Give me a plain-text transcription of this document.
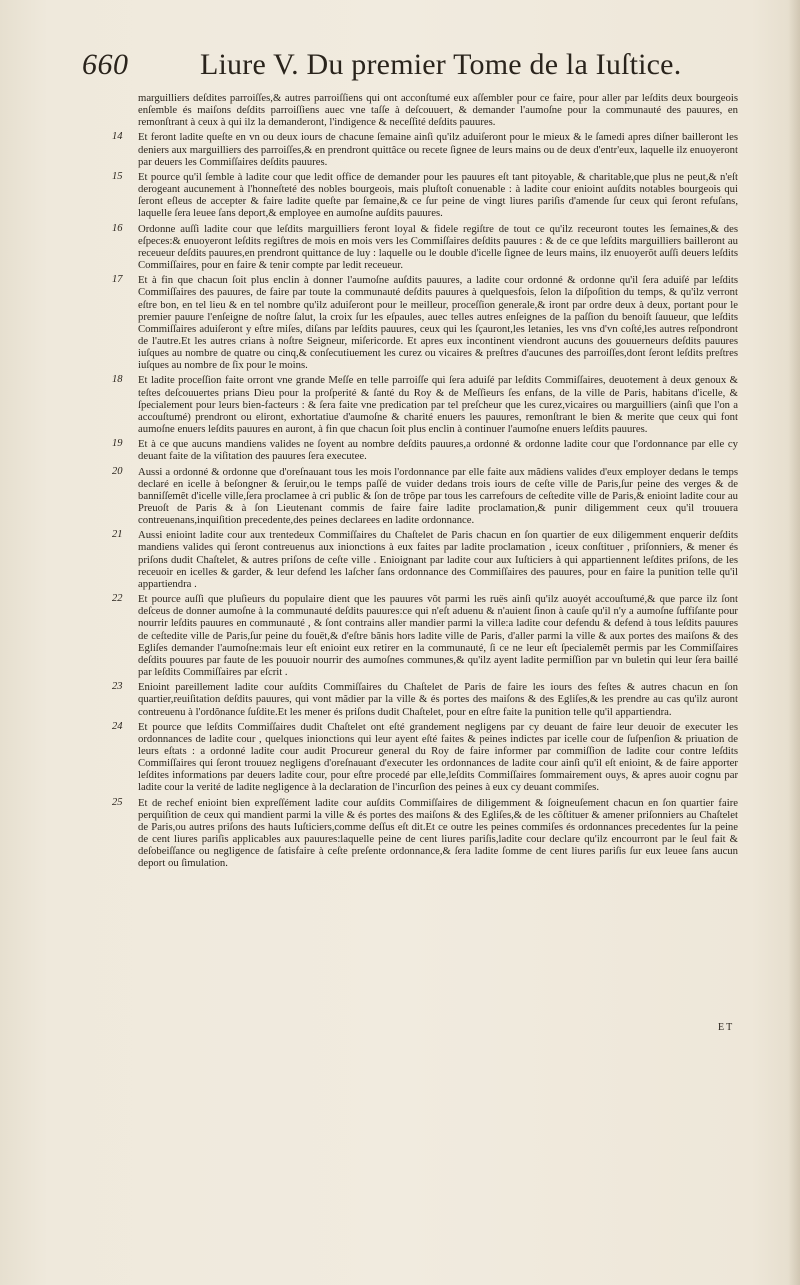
660 Liure V. Du premier Tome de la Iuſtice.
marguilliers deſdites parroiſſes,& autres parroiſſiens qui ont acconſtumé eux aſſembler pour ce faire, pour aller par leſdits deux bourgeois enſemble és maiſons deſdits parroiſſiens auec vne taſſe à deſcouuert, & demander l'aumoſne pour la communauté des pauures, en remonſtrant à ceux à qui ilz la demanderont, l'indigence & neceſſité deſdits pauures.
14 Et feront ladite queſte en vn ou deux iours de chacune ſemaine ainſi qu'ilz aduiſeront pour le mieux & le ſamedi apres diſner bailleront les deniers aux marguilliers des parroiſſes,& en prendront quittâce ou recete ſignee de leurs mains ou de deux d'entr'eux, laquelle ilz enuoyeront par deuers les Commiſſaires deſdits pauures.
15 Et pource qu'il ſemble à ladite cour que ledit office de demander pour les pauures eſt tant pitoyable, & charitable,que plus ne peut,& n'eſt derogeant aucunement à l'honneſteté des nobles bourgeois, mais pluſtoſt conuenable : à ladite cour enioint auſdits notables bourgeois qui ſeront eſleus de accepter & faire ladite queſte par ſemaine,& ce ſur peine de vingt liures pariſis d'amende ſur ceux qui ſeront refuſans, laquelle ſera leuee ſans deport,& employee en aumoſne auſdits pauures.
16 Ordonne auſſi ladite cour que leſdits marguilliers feront loyal & fidele regiſtre de tout ce qu'ilz receuront toutes les ſemaines,& des eſpeces:& enuoyeront leſdits regiſtres de mois en mois vers les Commiſſaires deſdits pauures : & de ce que leſdits marguilliers bailleront au receueur deſdits pauures,en prendront quittance de luy : laquelle ou le double d'icelle ſignee de leurs mains, ilz enuoyerõt auſſi deuers leſdits Commiſſaires, pour en faire & tenir compte par ledit receueur.
17 Et à fin que chacun ſoit plus enclin à donner l'aumoſne auſdits pauures, a ladite cour ordonné & ordonne qu'il ſera aduiſé par leſdits Commiſſaires des pauures, de faire par toute la communauté deſdits pauures à quelquesfois, ſelon la diſpoſition du temps, & qu'ilz verront eſtre bon, en tel lieu & en tel nombre qu'ilz aduiſeront pour le meilleur, proceſſion generale,& iront par ordre deux à deux, portant pour le premier pauure l'enſeigne de noſtre ſalut, la croix ſur les eſpaules, auec telles autres enſeignes de la paſſion du benoiſt ſauueur, que leſdits Commiſſaires aduiſeront y eſtre miſes, diſans par leſdits pauures, ceux qui les ſçauront,les letanies, les vns d'vn coſté,les autres reſpondront de l'autre.Et les autres crians à noſtre Seigneur, miſericorde. Et apres eux incontinent viendront aucuns des gouuerneurs deſdits pauures iuſques au nombre de quatre ou cinq,& conſecutiuement les curez ou vicaires & preſtres d'aucunes des parroiſſes,dont ſeront leſdits preſtres iuſques au nombre de ſix pour le moins.
18 Et ladite proceſſion faite orront vne grande Meſſe en telle parroiſſe qui ſera aduiſé par leſdits Commiſſaires, deuotement à deux genoux & teſtes deſcouuertes prians Dieu pour la proſperité & ſanté du Roy & de Meſſieurs ſes enfans, de la ville de Paris, habitans d'icelle, & ſpecialement pour leurs bien-facteurs : & ſera faite vne predication par tel preſcheur que les curez,vicaires ou marguilliers (ainſi que l'on a accouſtumé) prendront ou eliront, exhortatiue d'aumoſne & charité enuers les pauures, remonſtrant le bien & merite que ceux qui font aumoſne enuers leſdits pauures en auront, à fin que chacun ſoit plus enclin à continuer l'aumoſne enuers leſdits pauures.
19 Et à ce que aucuns mandiens valides ne ſoyent au nombre deſdits pauures,a ordonné & ordonne ladite cour que l'ordonnance par elle cy deuant faite de la viſitation des pauures ſera executee.
20 Aussi a ordonné & ordonne que d'oreſnauant tous les mois l'ordonnance par elle faite aux mãdiens valides d'eux employer dedans le temps declaré en icelle à beſongner & ſeruir,ou le temps paſſé de vuider dedans trois iours de ceſte ville de Paris,ſur peine des verges & de banniſſemẽt d'icelle ville,ſera proclamee à cri public & ſon de trõpe par tous les carrefours de ceſtedite ville de Paris,& enioint ladite cour au Preuoſt de Paris & à ſon Lieutenant commis de faire faire ladite proclamation,& punir diligemment ceux qu'il trouuera contreuenans,inquiſition precedente,des peines declarees en ladite ordonnance.
21 Aussi enioint ladite cour aux trentedeux Commiſſaires du Chaſtelet de Paris chacun en ſon quartier de eux diligemment enquerir deſdits mandiens valides qui ſeront contreuenus aux inionctions à eux faites par ladite proclamation , iceux conſtituer , priſonniers, & mener és priſons dudit Chaſtelet, & autres priſons de ceſte ville . Enioignant par ladite cour aux Iuſticiers à qui appartiennent leſdites priſons, de les receuoir en icelles & garder, & leur defend les laſcher ſans ordonnance des Commiſſaires des pauures, pour en faire la punition telle qu'il appartiendra .
22 Et pource auſſi que pluſieurs du populaire dient que les pauures võt parmi les ruës ainſi qu'ilz auoyét accouſtumé,& que parce ilz ſont deſceus de donner aumoſne à la communauté deſdits pauures:ce qui n'eſt aduenu & n'auient ſinon à cauſe qu'il n'y a aumoſne ſuffiſante pour nourrir leſdits pauures en communauté , & ſont contrains aller mandier parmi la ville:a ladite cour defendu & defend à tous leſdits pauures de ceſtedite ville de Paris,ſur peine du fouët,& d'eſtre bãnis hors ladite ville de Paris, d'aller parmi la ville & aux portes des maiſons & des Egliſes demander l'aumoſne:mais leur eſt enioint eux retirer en la communauté, ſi ce ne leur eſt ſpecialemẽt permis par les Commiſſaires deſdits pouures par faute de les pouuoir nourrir des aumoſnes communes,& qu'ilz ayent ladite permiſſion par vn buletin qui leur ſera baillé par leſdits Commiſſaires par eſcrit .
23 Enioint pareillement ladite cour auſdits Commiſſaires du Chaſtelet de Paris de faire les iours des feſtes & autres chacun en ſon quartier,reuiſitation deſdits pauures, qui vont mãdier par la ville & és portes des maiſons & des Egliſes,& les prendre au cas qu'ilz auront contreuenu à l'ordõnance ſuſdite.Et les mener és priſons dudit Chaſtelet, pour en eſtre faite la punition telle qu'il appartiendra.
24 Et pource que leſdits Commiſſaires dudit Chaſtelet ont eſté grandement negligens par cy deuant de faire leur deuoir de executer les ordonnances de ladite cour , quelques inionctions qui leur ayent eſté faites & peines indictes par icelle cour de ſuſpenſion & priuation de leurs eſtats : a ordonné ladite cour audit Procureur general du Roy de faire informer par commiſſion de ladite cour contre leſdits Commiſſaires qui ſeront trouuez negligens d'oreſnauant d'executer les ordonnances de ladite cour ainſi qu'il eſt enioint, & de faire apporter leſdites informations par deuers ladite cour, pour eſtre procedé par elle,leſdits Commiſſaires ſommairement ouys, & apres auoir cognu par ladite cour la verité de ladite negligence à la declaration de l'incurſion des peines à eux cy deuant commiſes.
25 Et de rechef enioint bien expreſſément ladite cour auſdits Commiſſaires de diligemment & ſoigneuſement chacun en ſon quartier faire perquiſition de ceux qui mandient parmi la ville & és portes des maiſons & des Egliſes,& de les cõſtituer & amener priſonniers au Chaſtelet de Paris,ou autres priſons des hauts Iuſticiers,comme deſſus eſt dit.Et ce outre les peines commiſes és ordonnances precedentes ſur la peine de cent liures pariſis applicables aux pauures:laquelle peine de cent liures pariſis,ladite cour declare qu'ilz encourront par le ſeul fait & deſobeiſſance ou negligence de ſatisfaire à ceſte preſente ordonnance,& ſera ladite ſomme de cent liures pariſis ſur eux leuee ſans aucun deport ou ſimulation.
ET
